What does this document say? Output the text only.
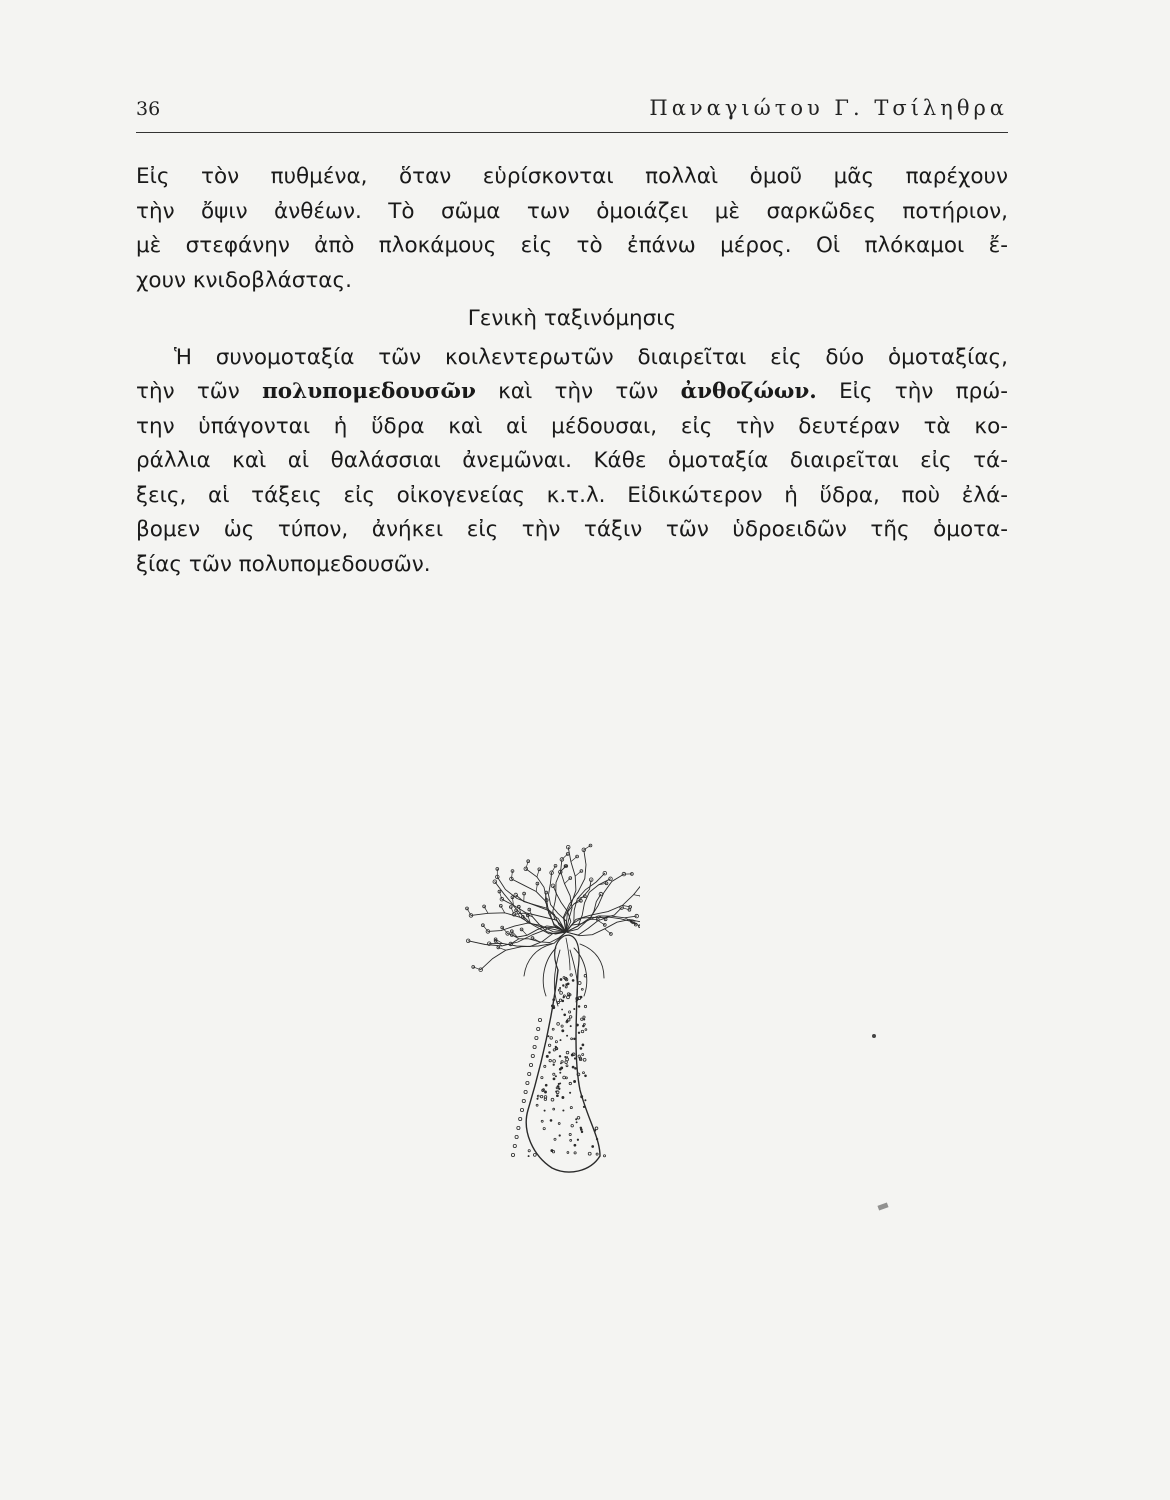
36	Παναγιώτου Γ. Τσίληθρα
Εἰς τὸν πυθμένα, ὅταν εὑρίσκονται πολλαὶ ὁμοῦ μᾶς παρέχουν
τὴν ὄψιν ἀνθέων. Τὸ σῶμα των ὁμοιάζει μὲ σαρκῶδες ποτήριον,
μὲ στεφάνην ἀπὸ πλοκάμους εἰς τὸ ἐπάνω μέρος. Οἱ πλόκαμοι ἔ-
χουν κνιδοβλάστας.
Γενικὴ ταξινόμησις
Ἡ συνομοταξία τῶν κοιλεντερωτῶν διαιρεῖται εἰς δύο ὁμοταξίας,
τὴν τῶν πολυπομεδουσῶν καὶ τὴν τῶν ἀνθοζώων. Εἰς τὴν πρώ-
την ὑπάγονται ἡ ὕδρα καὶ αἱ μέδουσαι, εἰς τὴν δευτέραν τὰ κο-
ράλλια καὶ αἱ θαλάσσιαι ἀνεμῶναι. Κάθε ὁμοταξία διαιρεῖται εἰς τά-
ξεις, αἱ τάξεις εἰς οἰκογενείας κ.τ.λ. Εἰδικώτερον ἡ ὕδρα, ποὺ ἐλά-
βομεν ὡς τύπον, ἀνήκει εἰς τὴν τάξιν τῶν ὑδροειδῶν τῆς ὁμοτα-
ξίας τῶν πολυπομεδουσῶν.
